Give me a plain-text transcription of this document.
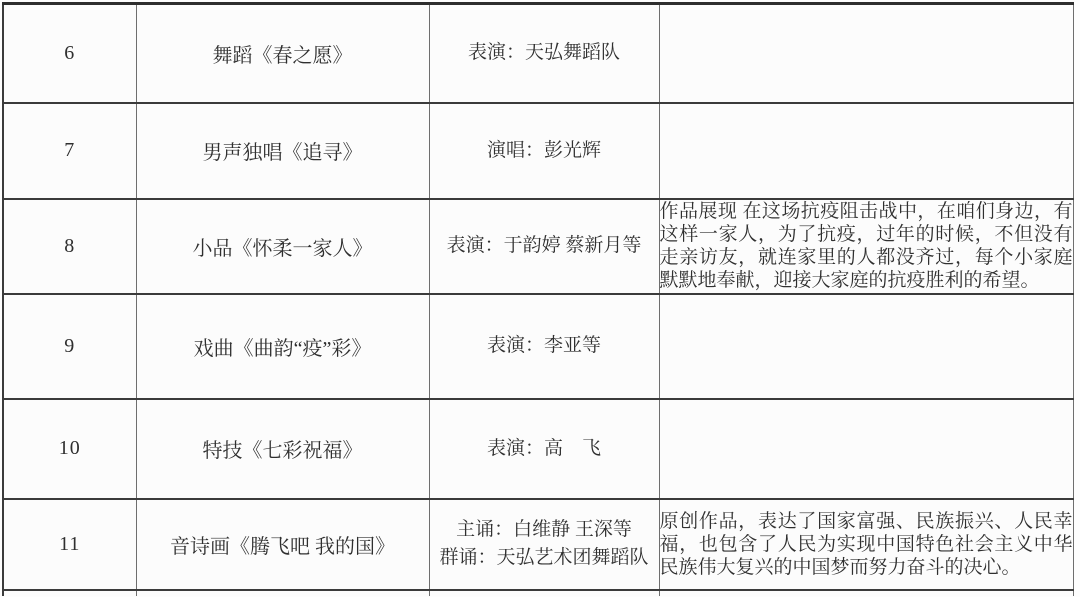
6	舞蹈《春之愿》	表演：天弘舞蹈队	

7	男声独唱《追寻》	演唱：彭光辉	

8	小品《怀柔一家人》	表演：于韵婷 蔡新月等	作品展现 在这场抗疫阻击战中，在咱们身边，有这样一家人，为了抗疫，过年的时候，不但没有走亲访友，就连家里的人都没齐过，每个小家庭默默地奉献，迎接大家庭的抗疫胜利的希望。
9	戏曲《曲韵“疫”彩》	表演：李亚等	

10	特技《七彩祝福》	表演：高　飞	

11	音诗画《腾飞吧 我的国》	主诵：白维静 王深等
群诵：天弘艺术团舞蹈队	原创作品，表达了国家富强、民族振兴、人民幸福，也包含了人民为实现中国特色社会主义中华民族伟大复兴的中国梦而努力奋斗的决心。
